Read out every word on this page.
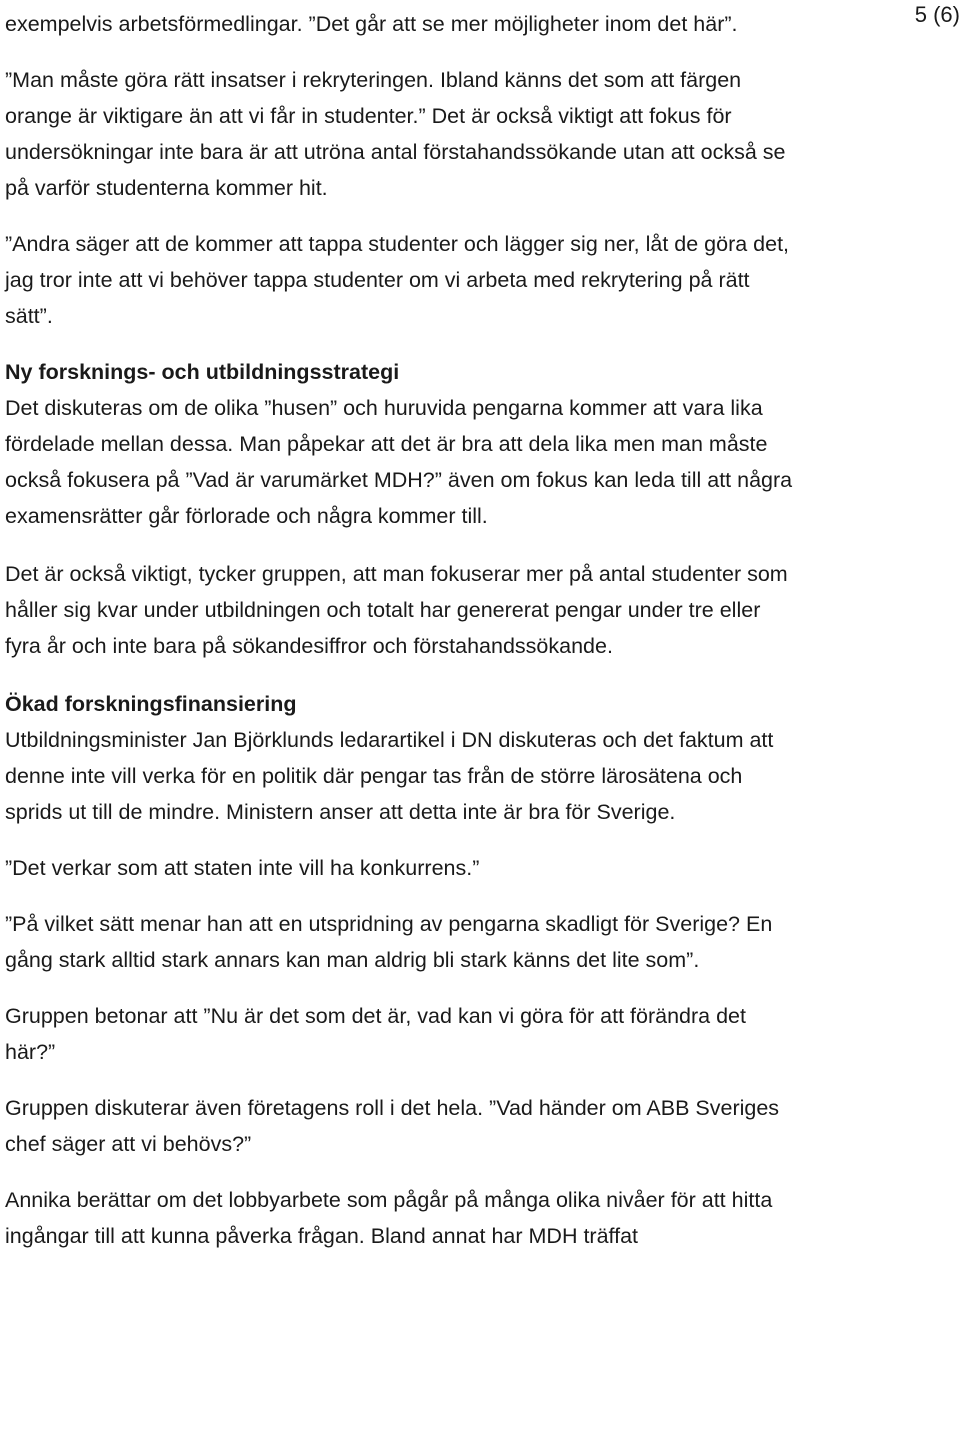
5 (6)

exempelvis arbetsförmedlingar. ”Det går att se mer möjligheter inom det här”.

”Man måste göra rätt insatser i rekryteringen. Ibland känns det som att färgen orange är viktigare än att vi får in studenter.” Det är också viktigt att fokus för undersökningar inte bara är att utröna antal förstahandssökande utan att också se på varför studenterna kommer hit.

”Andra säger att de kommer att tappa studenter och lägger sig ner, låt de göra det, jag tror inte att vi behöver tappa studenter om vi arbeta med rekrytering på rätt sätt”.

Ny forsknings- och utbildningsstrategi

Det diskuteras om de olika ”husen” och huruvida pengarna kommer att vara lika fördelade mellan dessa. Man påpekar att det är bra att dela lika men man måste också fokusera på ”Vad är varumärket MDH?” även om fokus kan leda till att några examensrätter går förlorade och några kommer till.

Det är också viktigt, tycker gruppen, att man fokuserar mer på antal studenter som håller sig kvar under utbildningen och totalt har genererat pengar under tre eller fyra år och inte bara på sökandesiffror och förstahandssökande.

Ökad forskningsfinansiering

Utbildningsminister Jan Björklunds ledarartikel i DN diskuteras och det faktum att denne inte vill verka för en politik där pengar tas från de större lärosätena och sprids ut till de mindre. Ministern anser att detta inte är bra för Sverige.

”Det verkar som att staten inte vill ha konkurrens.”

”På vilket sätt menar han att en utspridning av pengarna skadligt för Sverige? En gång stark alltid stark annars kan man aldrig bli stark känns det lite som”.

Gruppen betonar att ”Nu är det som det är, vad kan vi göra för att förändra det här?”

Gruppen diskuterar även företagens roll i det hela. ”Vad händer om ABB Sveriges chef säger att vi behövs?”

Annika berättar om det lobbyarbete som pågår på många olika nivåer för att hitta ingångar till att kunna påverka frågan. Bland annat har MDH träffat
